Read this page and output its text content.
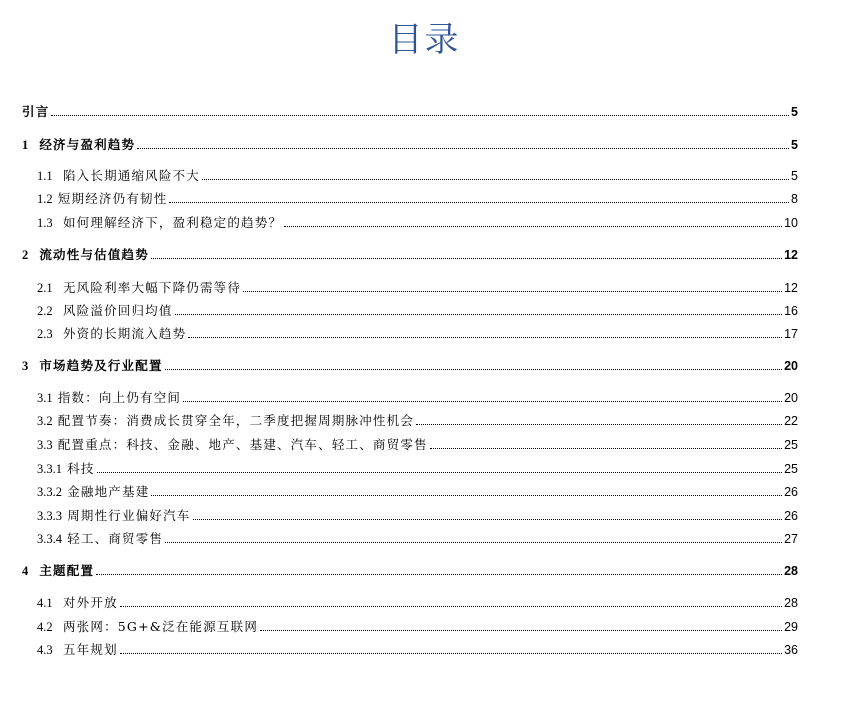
目录
引言	5
1 经济与盈利趋势	5
1.1 陷入长期通缩风险不大	5
1.2 短期经济仍有韧性	8
1.3 如何理解经济下，盈利稳定的趋势？	10
2 流动性与估值趋势	12
2.1 无风险利率大幅下降仍需等待	12
2.2 风险溢价回归均值	16
2.3 外资的长期流入趋势	17
3 市场趋势及行业配置	20
3.1 指数：向上仍有空间	20
3.2 配置节奏：消费成长贯穿全年，二季度把握周期脉冲性机会	22
3.3 配置重点：科技、金融、地产、基建、汽车、轻工、商贸零售	25
3.3.1 科技	25
3.3.2 金融地产基建	26
3.3.3 周期性行业偏好汽车	26
3.3.4 轻工、商贸零售	27
4 主题配置	28
4.1 对外开放	28
4.2 两张网：5G+&泛在能源互联网	29
4.3 五年规划	36
